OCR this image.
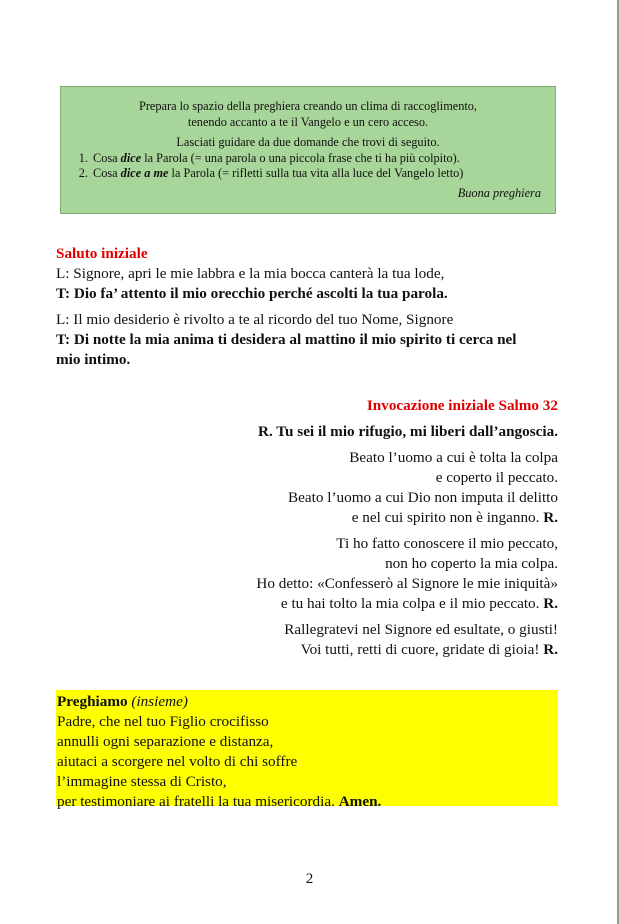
Prepara lo spazio della preghiera creando un clima di raccoglimento,
tenendo accanto a te il Vangelo e un cero acceso.
Lasciati guidare da due domande che trovi di seguito.
1. Cosa dice la Parola (= una parola o una piccola frase che ti ha più colpito).
2. Cosa dice a me la Parola (= rifletti sulla tua vita alla luce del Vangelo letto)
Buona preghiera
Saluto iniziale
L: Signore, apri le mie labbra e la mia bocca canterà la tua lode,
T: Dio fa’ attento il mio orecchio perché ascolti la tua parola.
L: Il mio desiderio è rivolto a te al ricordo del tuo Nome, Signore
T: Di notte la mia anima ti desidera al mattino il mio spirito ti cerca nel
mio intimo.
Invocazione iniziale Salmo 32
R. Tu sei il mio rifugio, mi liberi dall’angoscia.
Beato l’uomo a cui è tolta la colpa
e coperto il peccato.
Beato l’uomo a cui Dio non imputa il delitto
e nel cui spirito non è inganno. R.
Ti ho fatto conoscere il mio peccato,
non ho coperto la mia colpa.
Ho detto: «Confesserò al Signore le mie iniquità»
e tu hai tolto la mia colpa e il mio peccato. R.
Rallegratevi nel Signore ed esultate, o giusti!
Voi tutti, retti di cuore, gridate di gioia! R.
Preghiamo (insieme)
Padre, che nel tuo Figlio crocifisso
annulli ogni separazione e distanza,
aiutaci a scorgere nel volto di chi soffre
l’immagine stessa di Cristo,
per testimoniare ai fratelli la tua misericordia. Amen.
2
